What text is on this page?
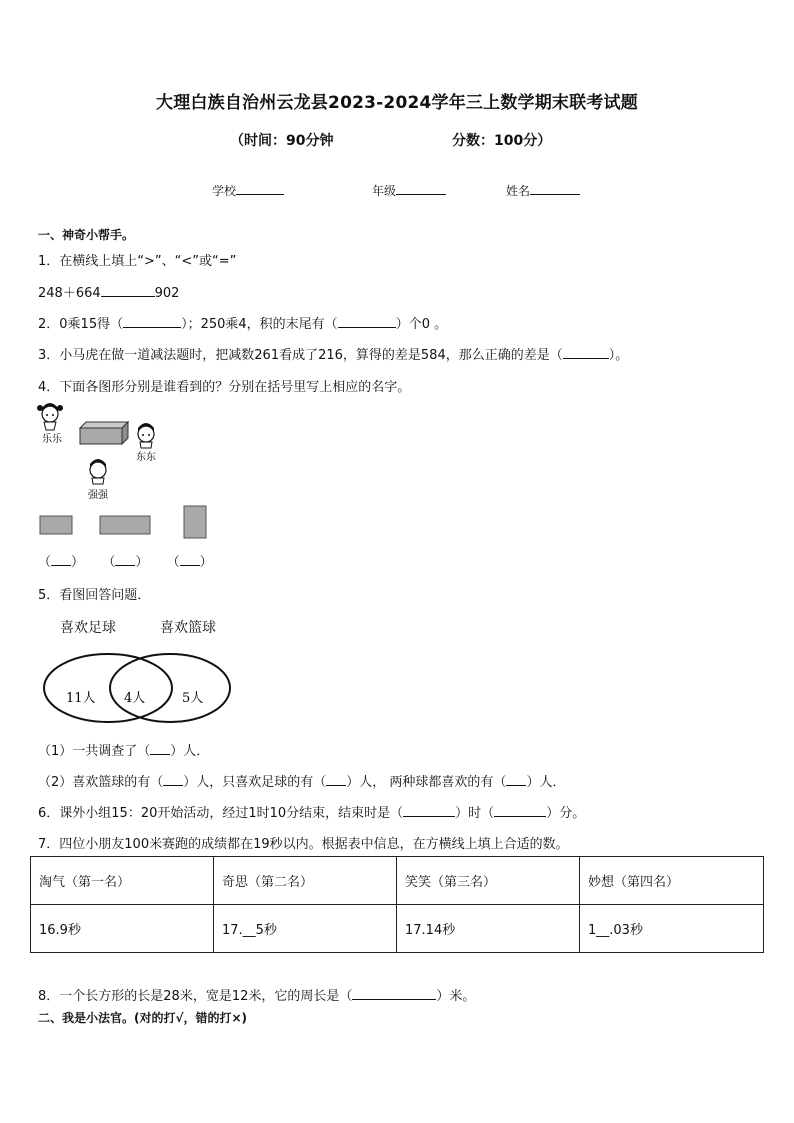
大理白族自治州云龙县2023-2024学年三上数学期末联考试题
（时间：90分钟	分数：100分）
学校	年级	姓名
一、神奇小帮手。
1．在横线上填上“>”、“<”或“=”
248＋664	902
2．0乘15得（	）；250乘4，积的末尾有（	）个0 。
3．小马虎在做一道减法题时，把减数261看成了216，算得的差是584，那么正确的差是（	）。
4．下面各图形分别是谁看到的？分别在括号里写上相应的名字。
乐乐
东东
强强
（ ） （ ） （ ）
5．看图回答问题．
喜欢足球	喜欢篮球
11人 4人	5人
（1）一共调查了（ ）人．
（2）喜欢篮球的有（ ）人，只喜欢足球的有（ ）人， 两种球都喜欢的有（ ）人．
6．课外小组15：20开始活动，经过1时10分结束，结束时是（	）时（	）分。
7．四位小朋友100米赛跑的成绩都在19秒以内。根据表中信息，在方横线上填上合适的数。
淘气（第一名）	奇思（第二名）	笑笑（第三名）	妙想（第四名）
16.9秒	17.__5秒	17.14秒	1__.03秒
8．一个长方形的长是28米，宽是12米，它的周长是（	）米。
二、我是小法官。(对的打√，错的打×)
